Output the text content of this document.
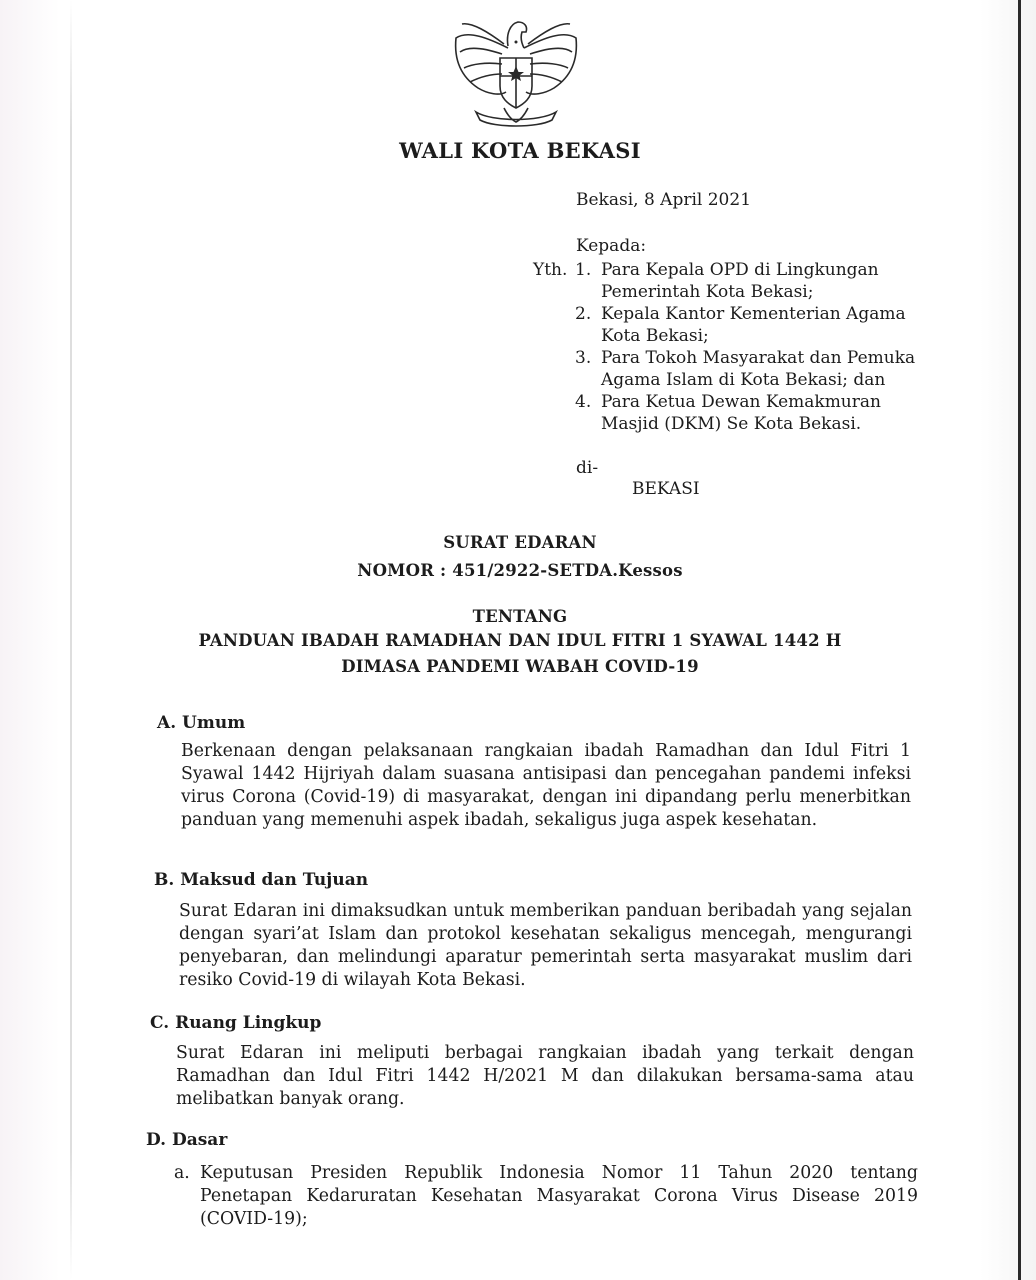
WALI KOTA BEKASI
Bekasi, 8 April 2021
Kepada:
Yth. 1. Para Kepala OPD di Lingkungan Pemerintah Kota Bekasi;
2. Kepala Kantor Kementerian Agama Kota Bekasi;
3. Para Tokoh Masyarakat dan Pemuka Agama Islam di Kota Bekasi; dan
4. Para Ketua Dewan Kemakmuran Masjid (DKM) Se Kota Bekasi.
di-
BEKASI
SURAT EDARAN
NOMOR : 451/2922-SETDA.Kessos
TENTANG
PANDUAN IBADAH RAMADHAN DAN IDUL FITRI 1 SYAWAL 1442 H
DIMASA PANDEMI WABAH COVID-19
A. Umum
Berkenaan dengan pelaksanaan rangkaian ibadah Ramadhan dan Idul Fitri 1 Syawal 1442 Hijriyah dalam suasana antisipasi dan pencegahan pandemi infeksi virus Corona (Covid-19) di masyarakat, dengan ini dipandang perlu menerbitkan panduan yang memenuhi aspek ibadah, sekaligus juga aspek kesehatan.
B. Maksud dan Tujuan
Surat Edaran ini dimaksudkan untuk memberikan panduan beribadah yang sejalan dengan syari’at Islam dan protokol kesehatan sekaligus mencegah, mengurangi penyebaran, dan melindungi aparatur pemerintah serta masyarakat muslim dari resiko Covid-19 di wilayah Kota Bekasi.
C. Ruang Lingkup
Surat Edaran ini meliputi berbagai rangkaian ibadah yang terkait dengan Ramadhan dan Idul Fitri 1442 H/2021 M dan dilakukan bersama-sama atau melibatkan banyak orang.
D. Dasar
a. Keputusan Presiden Republik Indonesia Nomor 11 Tahun 2020 tentang Penetapan Kedaruratan Kesehatan Masyarakat Corona Virus Disease 2019 (COVID-19);
